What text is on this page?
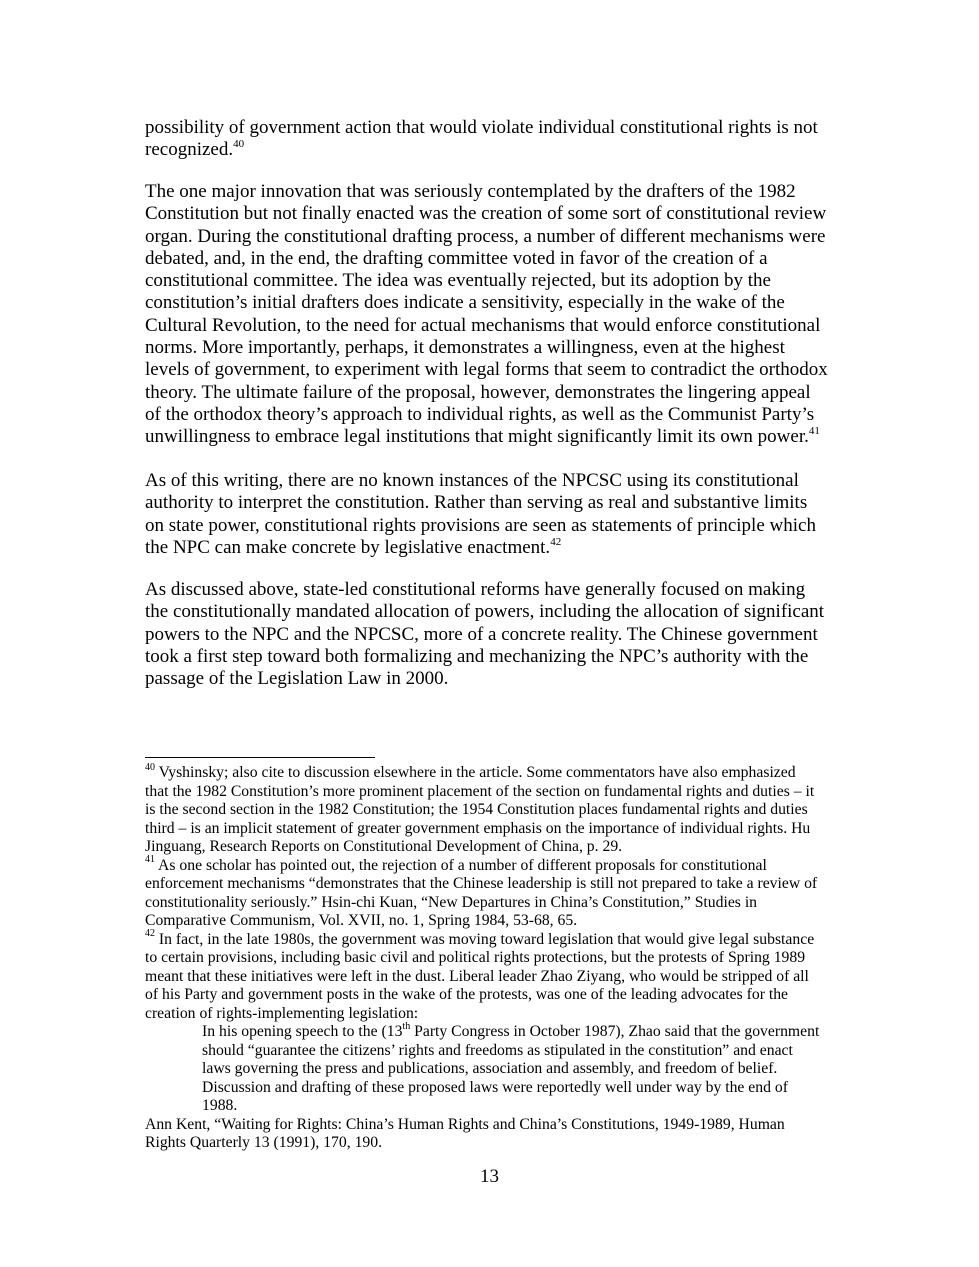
possibility of government action that would violate individual constitutional rights is not
recognized.$^{40}$
The one major innovation that was seriously contemplated by the drafters of the 1982
Constitution but not finally enacted was the creation of some sort of constitutional review
organ. During the constitutional drafting process, a number of different mechanisms were
debated, and, in the end, the drafting committee voted in favor of the creation of a
constitutional committee. The idea was eventually rejected, but its adoption by the
constitution’s initial drafters does indicate a sensitivity, especially in the wake of the
Cultural Revolution, to the need for actual mechanisms that would enforce constitutional
norms. More importantly, perhaps, it demonstrates a willingness, even at the highest
levels of government, to experiment with legal forms that seem to contradict the orthodox
theory. The ultimate failure of the proposal, however, demonstrates the lingering appeal
of the orthodox theory’s approach to individual rights, as well as the Communist Party’s
unwillingness to embrace legal institutions that might significantly limit its own power.$^{41}$
As of this writing, there are no known instances of the NPCSC using its constitutional
authority to interpret the constitution. Rather than serving as real and substantive limits
on state power, constitutional rights provisions are seen as statements of principle which
the NPC can make concrete by legislative enactment.$^{42}$
As discussed above, state-led constitutional reforms have generally focused on making
the constitutionally mandated allocation of powers, including the allocation of significant
powers to the NPC and the NPCSC, more of a concrete reality. The Chinese government
took a first step toward both formalizing and mechanizing the NPC’s authority with the
passage of the Legislation Law in 2000.
$^{40}$ Vyshinsky; also cite to discussion elsewhere in the article. Some commentators have also emphasized
that the 1982 Constitution’s more prominent placement of the section on fundamental rights and duties – it
is the second section in the 1982 Constitution; the 1954 Constitution places fundamental rights and duties
third – is an implicit statement of greater government emphasis on the importance of individual rights. Hu
Jinguang, Research Reports on Constitutional Development of China, p. 29.
$^{41}$ As one scholar has pointed out, the rejection of a number of different proposals for constitutional
enforcement mechanisms “demonstrates that the Chinese leadership is still not prepared to take a review of
constitutionality seriously.” Hsin-chi Kuan, “New Departures in China’s Constitution,” Studies in
Comparative Communism, Vol. XVII, no. 1, Spring 1984, 53-68, 65.
$^{42}$ In fact, in the late 1980s, the government was moving toward legislation that would give legal substance
to certain provisions, including basic civil and political rights protections, but the protests of Spring 1989
meant that these initiatives were left in the dust. Liberal leader Zhao Ziyang, who would be stripped of all
of his Party and government posts in the wake of the protests, was one of the leading advocates for the
creation of rights-implementing legislation:
In his opening speech to the (13th Party Congress in October 1987), Zhao said that the government
should “guarantee the citizens’ rights and freedoms as stipulated in the constitution” and enact
laws governing the press and publications, association and assembly, and freedom of belief.
Discussion and drafting of these proposed laws were reportedly well under way by the end of
1988.
Ann Kent, “Waiting for Rights: China’s Human Rights and China’s Constitutions, 1949-1989, Human
Rights Quarterly 13 (1991), 170, 190.
13
